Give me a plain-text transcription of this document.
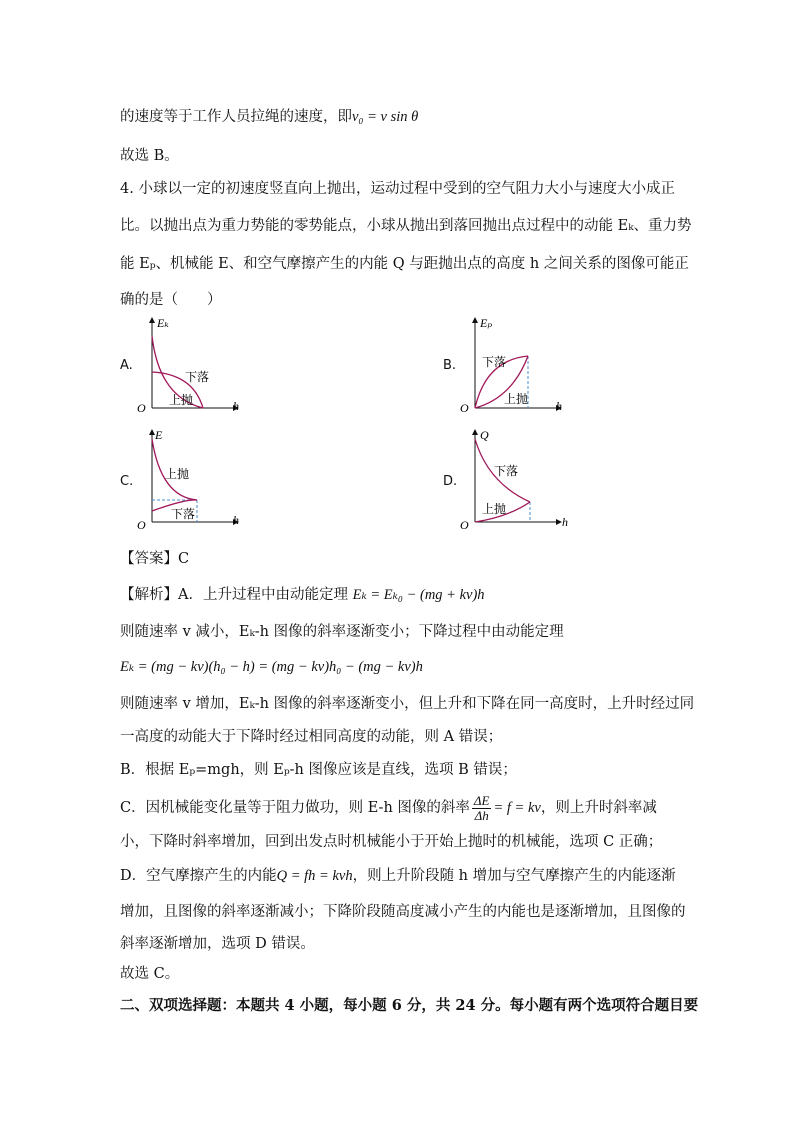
的速度等于工作人员拉绳的速度，即v₀ = v sin θ
故选 B。
4. 小球以一定的初速度竖直向上抛出，运动过程中受到的空气阻力大小与速度大小成正
比。以抛出点为重力势能的零势能点，小球从抛出到落回抛出点过程中的动能 Eₖ、重力势
能 Eₚ、机械能 E、和空气摩擦产生的内能 Q 与距抛出点的高度 h 之间关系的图像可能正
确的是（　　）
A.	B.
C.	D.
Eₖ
O	h
下落
上抛
Eₚ
O	h
下落
上抛
E
O	h
上抛
下落
Q
O	h
下落
上抛
【答案】C
【解析】A．上升过程中由动能定理 Eₖ = Eₖ₀ − (mg + kv)h
则随速率 v 减小，Eₖ-h 图像的斜率逐渐变小；下降过程中由动能定理
Eₖ = (mg − kv)(h₀ − h) = (mg − kv)h₀ − (mg − kv)h
则随速率 v 增加，Eₖ-h 图像的斜率逐渐变小，但上升和下降在同一高度时，上升时经过同
一高度的动能大于下降时经过相同高度的动能，则 A 错误；
B．根据 Eₚ=mgh，则 Eₚ-h 图像应该是直线，选项 B 错误；
C．因机械能变化量等于阻力做功，则 E-h 图像的斜率 $\frac{\Delta E}{\Delta h} = f$ = kv，则上升时斜率减
小，下降时斜率增加，回到出发点时机械能小于开始上抛时的机械能，选项 C 正确；
D．空气摩擦产生的内能Q = fh = kvh，则上升阶段随 h 增加与空气摩擦产生的内能逐渐
增加，且图像的斜率逐渐减小；下降阶段随高度减小产生的内能也是逐渐增加，且图像的
斜率逐渐增加，选项 D 错误。
故选 C。
二、双项选择题：本题共 4 小题，每小题 6 分，共 24 分。每小题有两个选项符合题目要
